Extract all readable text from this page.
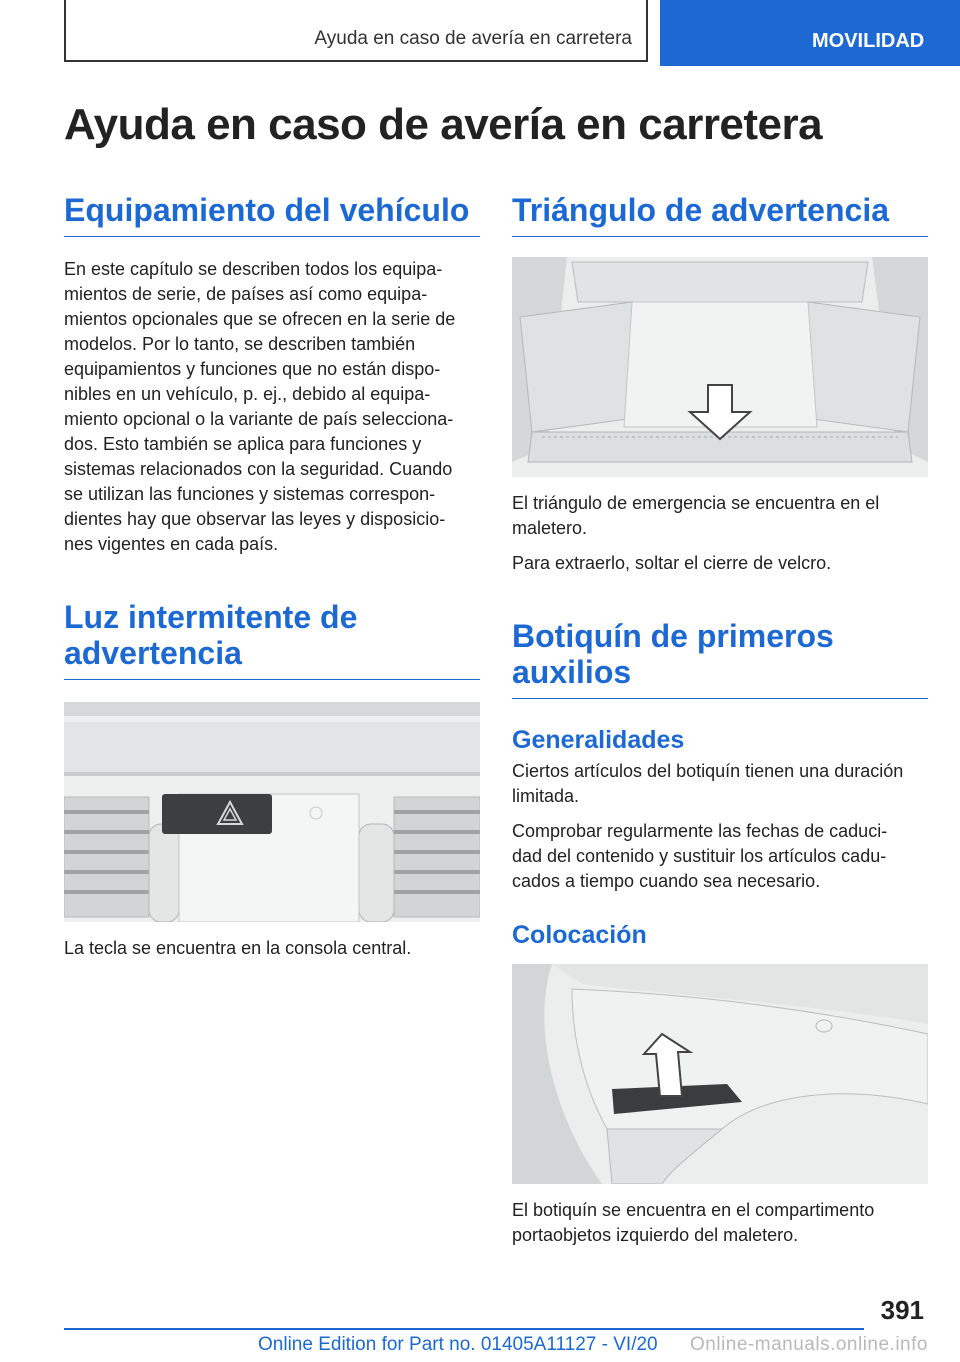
Ayuda en caso de avería en carretera	MOVILIDAD
Ayuda en caso de avería en carretera
Equipamiento del vehículo

En este capítulo se describen todos los equipa-

mientos de serie, de países así como equipa-

mientos opcionales que se ofrecen en la serie de

modelos. Por lo tanto, se describen también

equipamientos y funciones que no están dispo-

nibles en un vehículo, p. ej., debido al equipa-

miento opcional o la variante de país selecciona-

dos. Esto también se aplica para funciones y

sistemas relacionados con la seguridad. Cuando

se utilizan las funciones y sistemas correspon-

dientes hay que observar las leyes y disposicio-

nes vigentes en cada país.

Luz intermitente de
advertencia

La tecla se encuentra en la consola central.

Triángulo de advertencia

El triángulo de emergencia se encuentra en el

maletero.

Para extraerlo, soltar el cierre de velcro.

Botiquín de primeros
auxilios
Generalidades

Ciertos artículos del botiquín tienen una duración

limitada.

Comprobar regularmente las fechas de caduci-

dad del contenido y sustituir los artículos cadu-

cados a tiempo cuando sea necesario.

Colocación

El botiquín se encuentra en el compartimento

portaobjetos izquierdo del maletero.

391
Online Edition for Part no. 01405A11127 - VI/20 Online-manuals.online.info
